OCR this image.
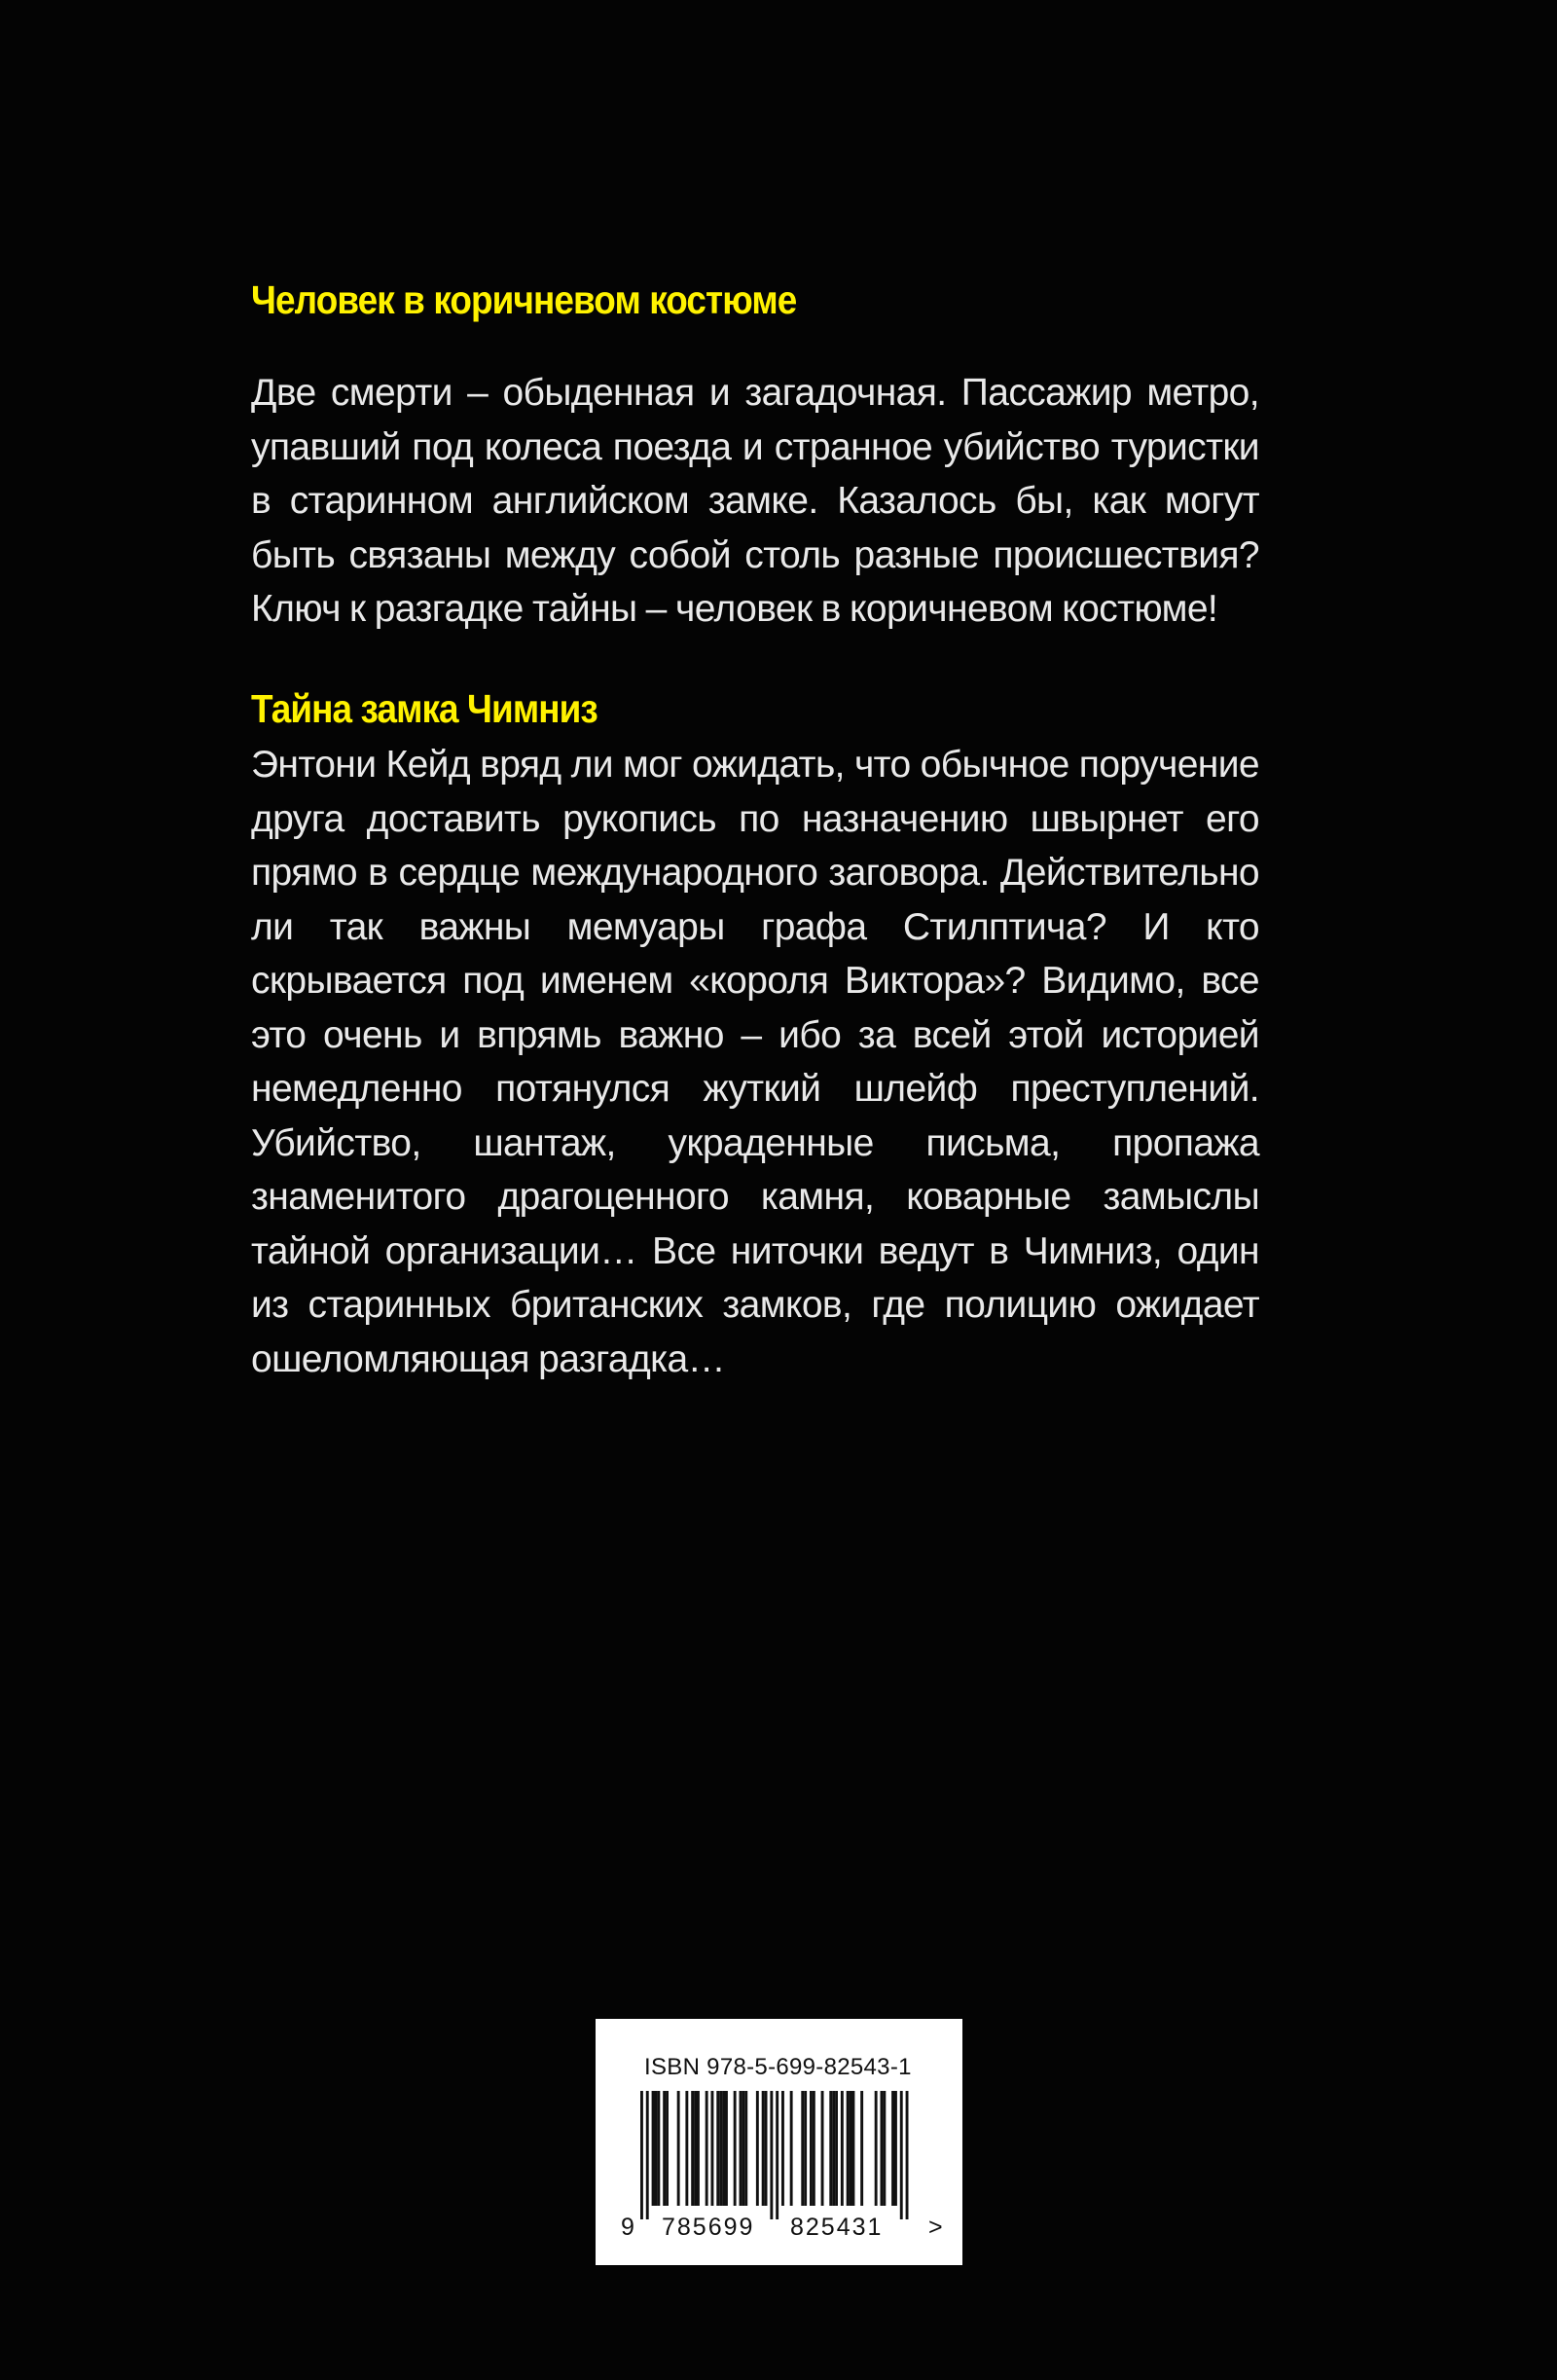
Человек в коричневом костюме

Две смерти – обыденная и загадочная. Пассажир метро, упавший под колеса поезда и странное убийство туристки в старинном английском замке. Казалось бы, как могут быть связаны между собой столь разные происшествия? Ключ к разгадке тайны – человек в коричневом костюме!

Тайна замка Чимниз

Энтони Кейд вряд ли мог ожидать, что обычное поручение друга доставить рукопись по назначению швырнет его прямо в сердце международного заговора. Действительно ли так важны мемуары графа Стилптича? И кто скрывается под именем «короля Виктора»? Видимо, все это очень и впрямь важно – ибо за всей этой историей немедленно потянулся жуткий шлейф преступлений. Убийство, шантаж, украденные письма, пропажа знаменитого драгоценного камня, коварные замыслы тайной организации… Все ниточки ведут в Чимниз, один из старинных британских замков, где полицию ожидает ошеломляющая разгадка…

ISBN 978-5-699-82543-1
9 785699 825431 >
